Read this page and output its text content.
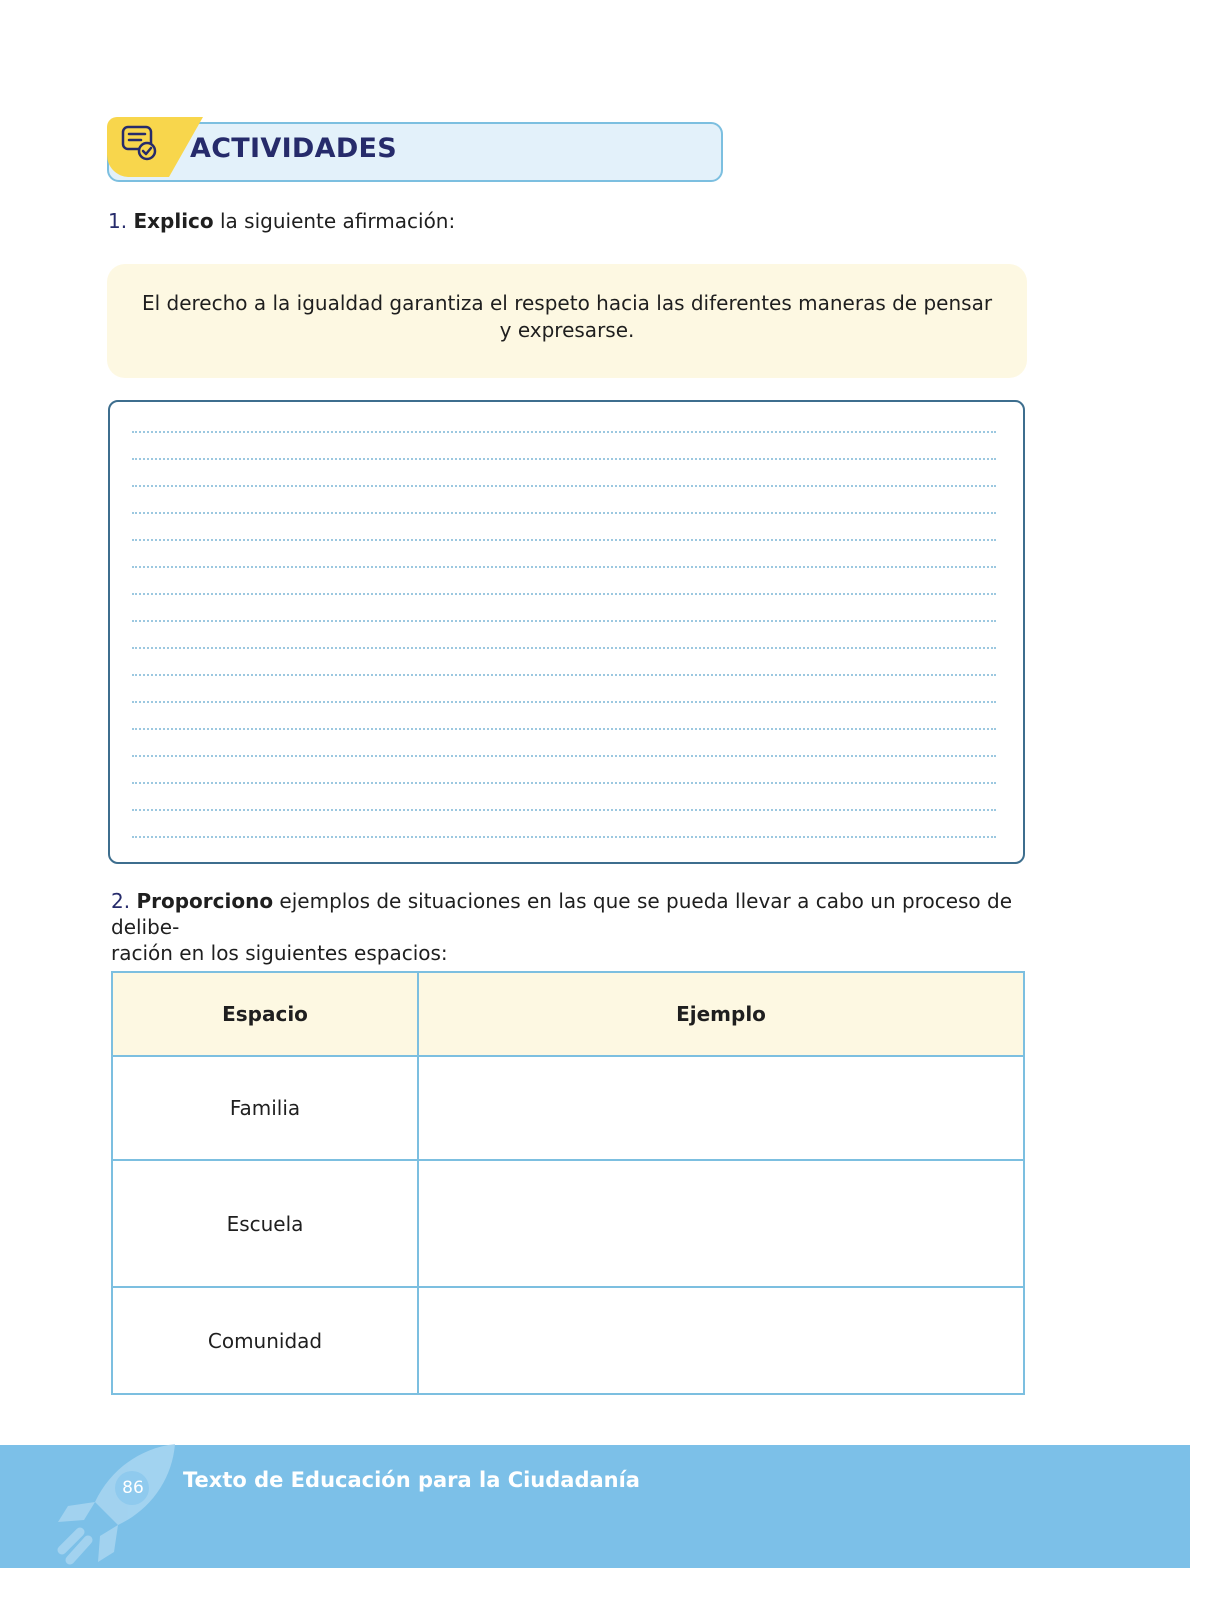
ACTIVIDADES
1. Explico la siguiente afirmación:
El derecho a la igualdad garantiza el respeto hacia las diferentes maneras de pensar
y expresarse.
2. Proporciono ejemplos de situaciones en las que se pueda llevar a cabo un proceso de delibe-
ración en los siguientes espacios:
Espacio	Ejemplo
Familia	
Escuela	
Comunidad	
86 Texto de Educación para la Ciudadanía
